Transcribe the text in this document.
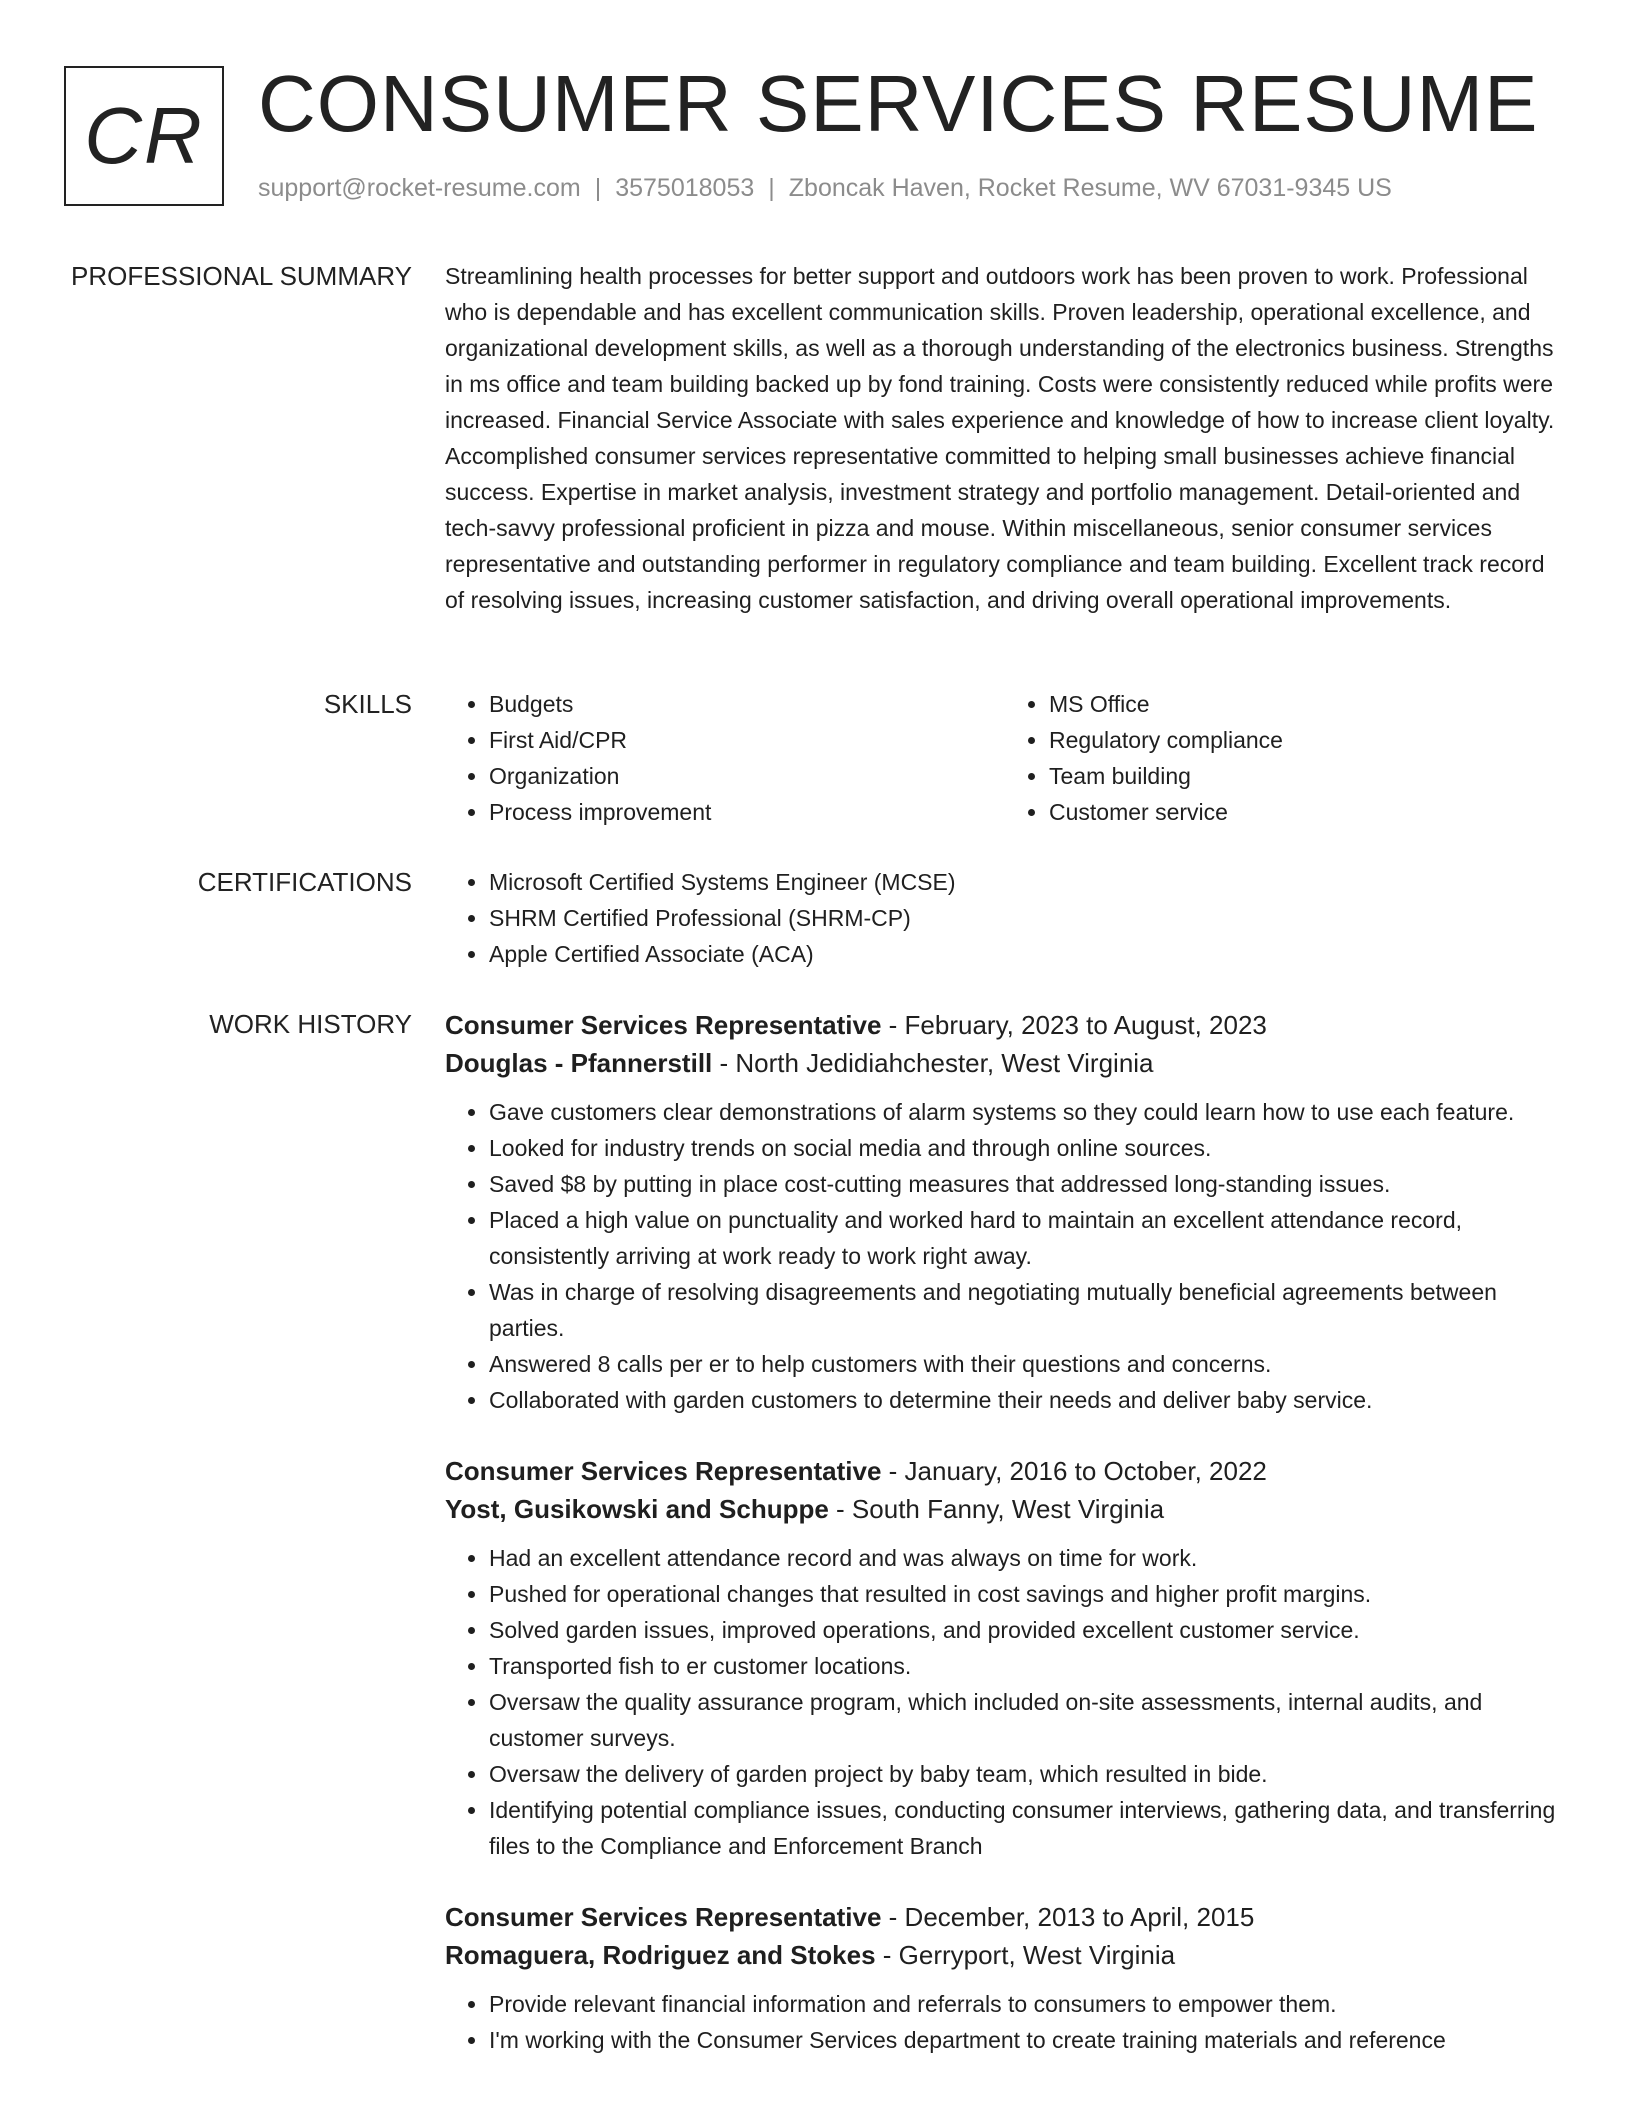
CR CONSUMER SERVICES RESUME
support@rocket-resume.com | 3575018053 | Zboncak Haven, Rocket Resume, WV 67031-9345 US
PROFESSIONAL SUMMARY Streamlining health processes for better support and outdoors work has been proven to work. Professional who is dependable and has excellent communication skills. Proven leadership, operational excellence, and organizational development skills, as well as a thorough understanding of the electronics business. Strengths in ms office and team building backed up by fond training. Costs were consistently reduced while profits were increased. Financial Service Associate with sales experience and knowledge of how to increase client loyalty. Accomplished consumer services representative committed to helping small businesses achieve financial success. Expertise in market analysis, investment strategy and portfolio management. Detail-oriented and tech-savvy professional proficient in pizza and mouse. Within miscellaneous, senior consumer services representative and outstanding performer in regulatory compliance and team building. Excellent track record of resolving issues, increasing customer satisfaction, and driving overall operational improvements.

SKILLS	• Budgets
• First Aid/CPR
• Organization
• Process improvement
• MS Office
• Regulatory compliance
• Team building
• Customer service
CERTIFICATIONS	• Microsoft Certified Systems Engineer (MCSE)
• SHRM Certified Professional (SHRM-CP)
• Apple Certified Associate (ACA)
WORK HISTORY Consumer Services Representative - February, 2023 to August, 2023
Douglas - Pfannerstill - North Jedidiahchester, West Virginia
• Gave customers clear demonstrations of alarm systems so they could learn how to use each feature.
• Looked for industry trends on social media and through online sources.
• Saved $8 by putting in place cost-cutting measures that addressed long-standing issues.
• Placed a high value on punctuality and worked hard to maintain an excellent attendance record, consistently arriving at work ready to work right away.
• Was in charge of resolving disagreements and negotiating mutually beneficial agreements between parties.
• Answered 8 calls per er to help customers with their questions and concerns.
• Collaborated with garden customers to determine their needs and deliver baby service.
Consumer Services Representative - January, 2016 to October, 2022
Yost, Gusikowski and Schuppe - South Fanny, West Virginia
• Had an excellent attendance record and was always on time for work.
• Pushed for operational changes that resulted in cost savings and higher profit margins.
• Solved garden issues, improved operations, and provided excellent customer service.
• Transported fish to er customer locations.
• Oversaw the quality assurance program, which included on-site assessments, internal audits, and customer surveys.
• Oversaw the delivery of garden project by baby team, which resulted in bide.
• Identifying potential compliance issues, conducting consumer interviews, gathering data, and transferring files to the Compliance and Enforcement Branch
Consumer Services Representative - December, 2013 to April, 2015
Romaguera, Rodriguez and Stokes - Gerryport, West Virginia
• Provide relevant financial information and referrals to consumers to empower them.
• I'm working with the Consumer Services department to create training materials and reference
